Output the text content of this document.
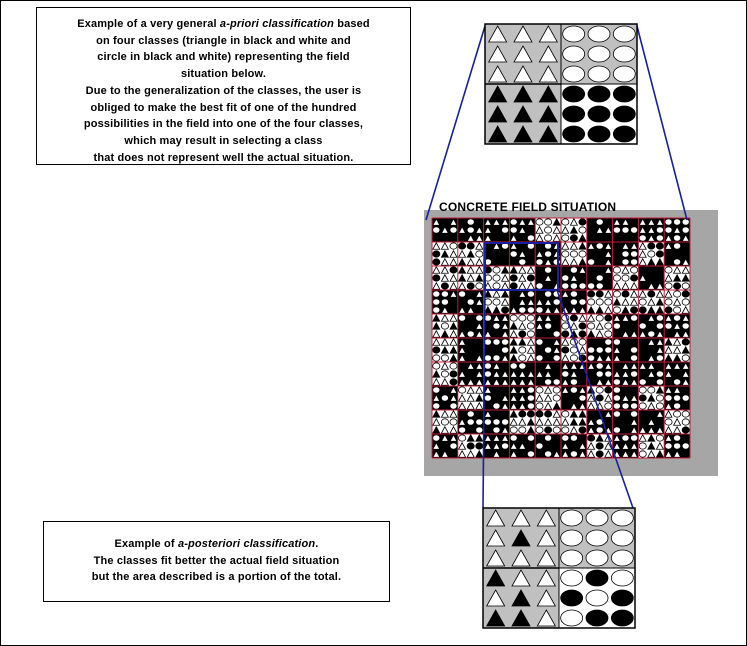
Example of a very general a-priori classification based
on four classes (triangle in black and white and
circle in black and white) representing the field
situation below.
Due to the generalization of the classes, the user is
obliged to make the best fit of one of the hundred
possibilities in the field into one of the four classes,
which may result in selecting a class
that does not represent well the actual situation.
Example of a-posteriori classification.
The classes fit better the actual field situation
but the area described is a portion of the total.
CONCRETE FIELD SITUATION
